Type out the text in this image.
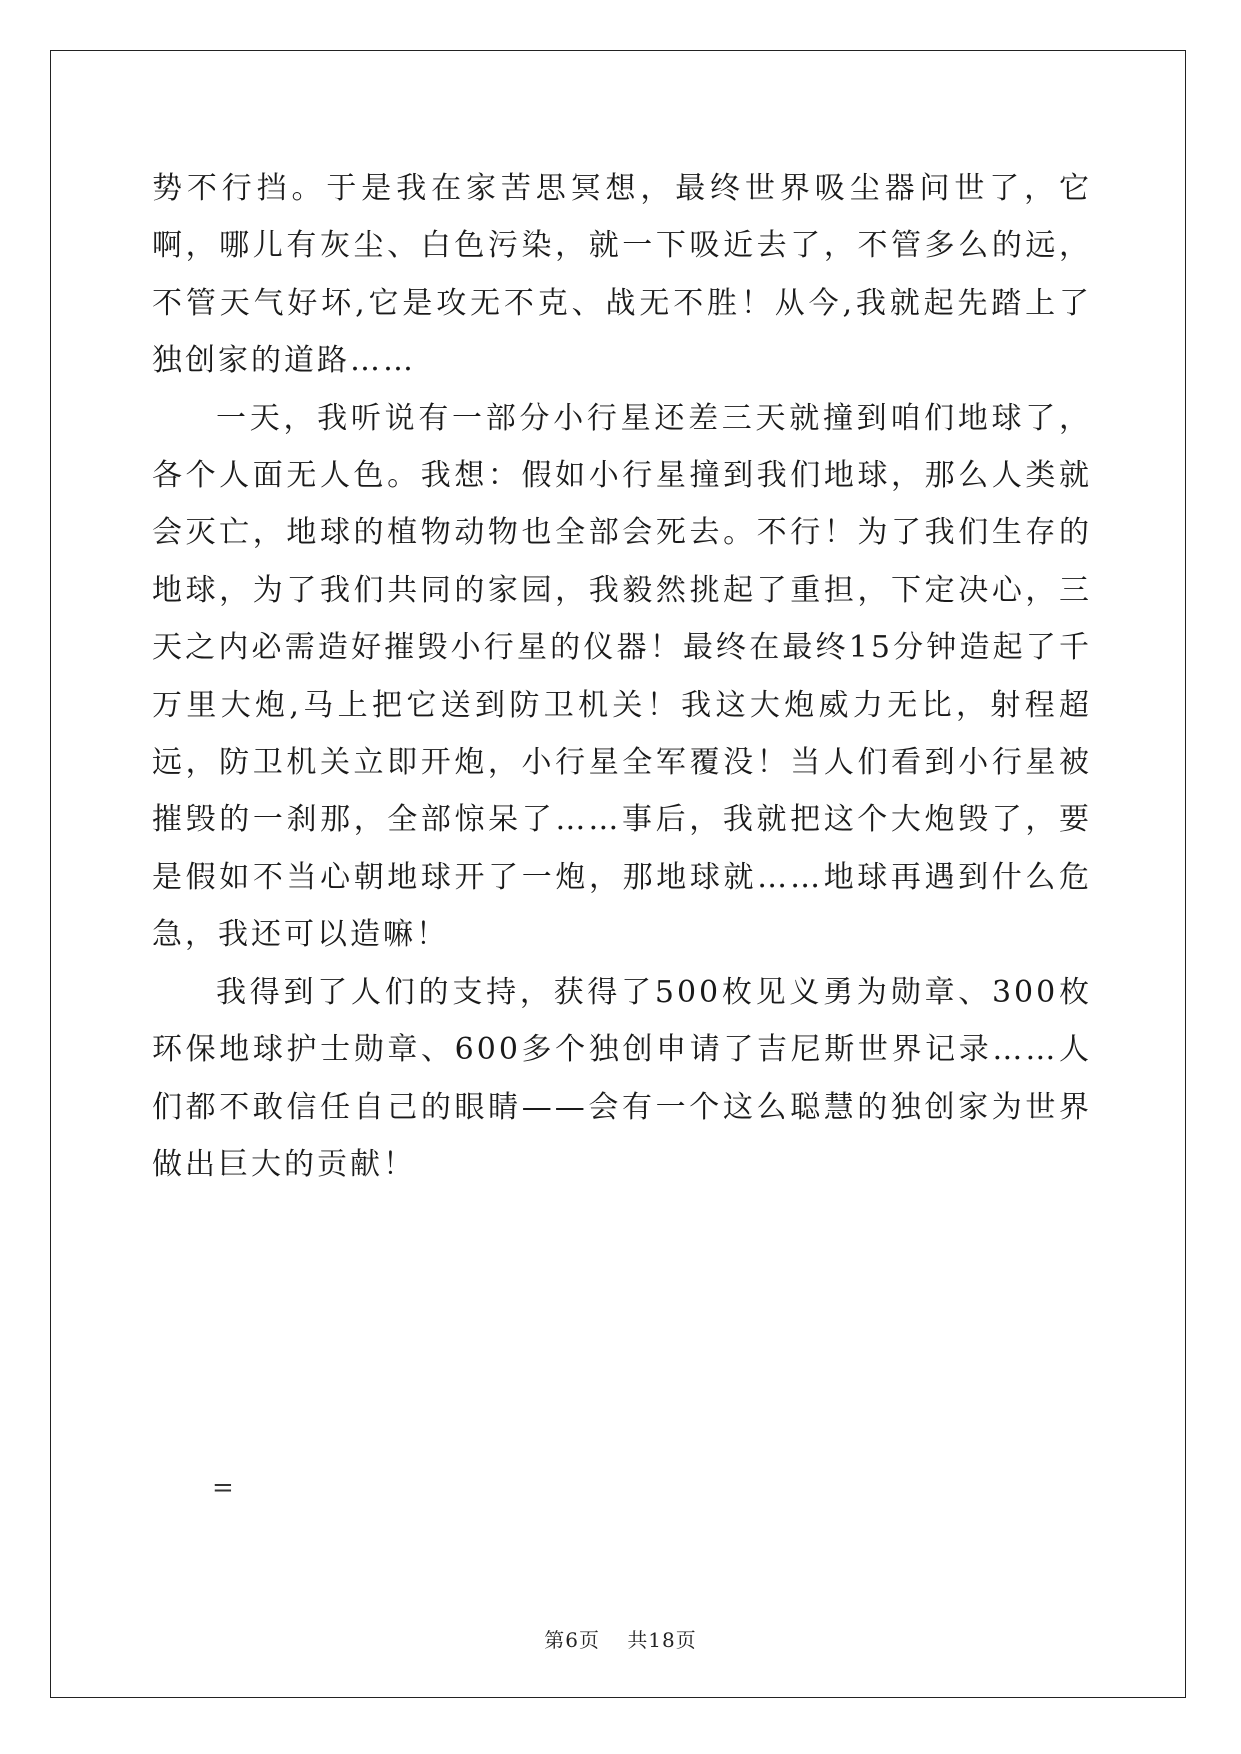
势不行挡。于是我在家苦思冥想，最终世界吸尘器问世了，它啊，哪儿有灰尘、白色污染，就一下吸近去了，不管多么的远，不管天气好坏,它是攻无不克、战无不胜！从今,我就起先踏上了独创家的道路……

一天，我听说有一部分小行星还差三天就撞到咱们地球了，各个人面无人色。我想：假如小行星撞到我们地球，那么人类就会灭亡，地球的植物动物也全部会死去。不行！为了我们生存的地球，为了我们共同的家园，我毅然挑起了重担，下定决心，三天之内必需造好摧毁小行星的仪器！最终在最终15分钟造起了千万里大炮,马上把它送到防卫机关！我这大炮威力无比，射程超远，防卫机关立即开炮，小行星全军覆没！当人们看到小行星被摧毁的一刹那，全部惊呆了……事后，我就把这个大炮毁了，要是假如不当心朝地球开了一炮，那地球就……地球再遇到什么危急，我还可以造嘛！

我得到了人们的支持，获得了500枚见义勇为勋章、300枚环保地球护士勋章、600多个独创申请了吉尼斯世界记录……人们都不敢信任自己的眼睛——会有一个这么聪慧的独创家为世界做出巨大的贡献！

=
第6页 共18页
